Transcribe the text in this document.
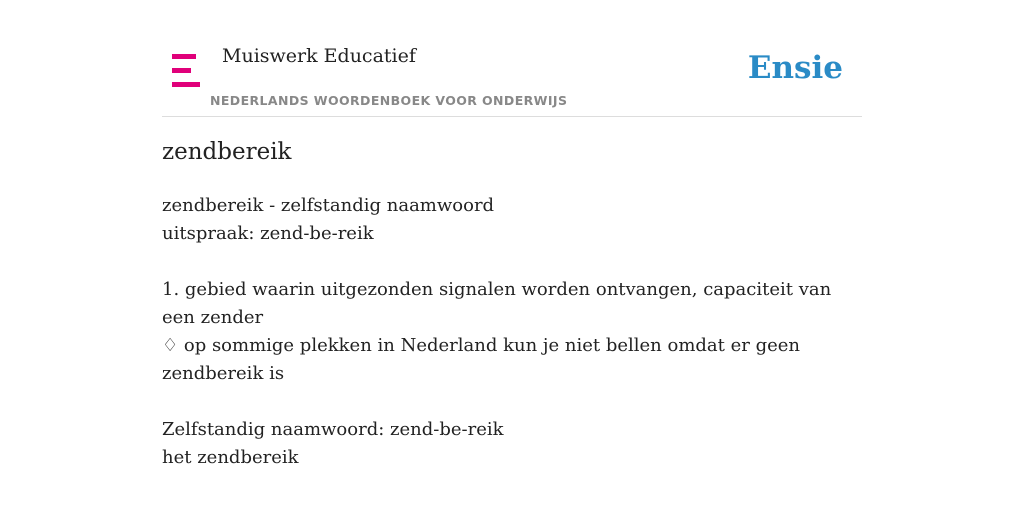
Muiswerk Educatief
NEDERLANDS WOORDENBOEK VOOR ONDERWIJS
Ensie
zendbereik
zendbereik - zelfstandig naamwoord
uitspraak: zend-be-reik
1. gebied waarin uitgezonden signalen worden ontvangen, capaciteit van een zender
♢ op sommige plekken in Nederland kun je niet bellen omdat er geen zendbereik is
Zelfstandig naamwoord: zend-be-reik
het zendbereik
